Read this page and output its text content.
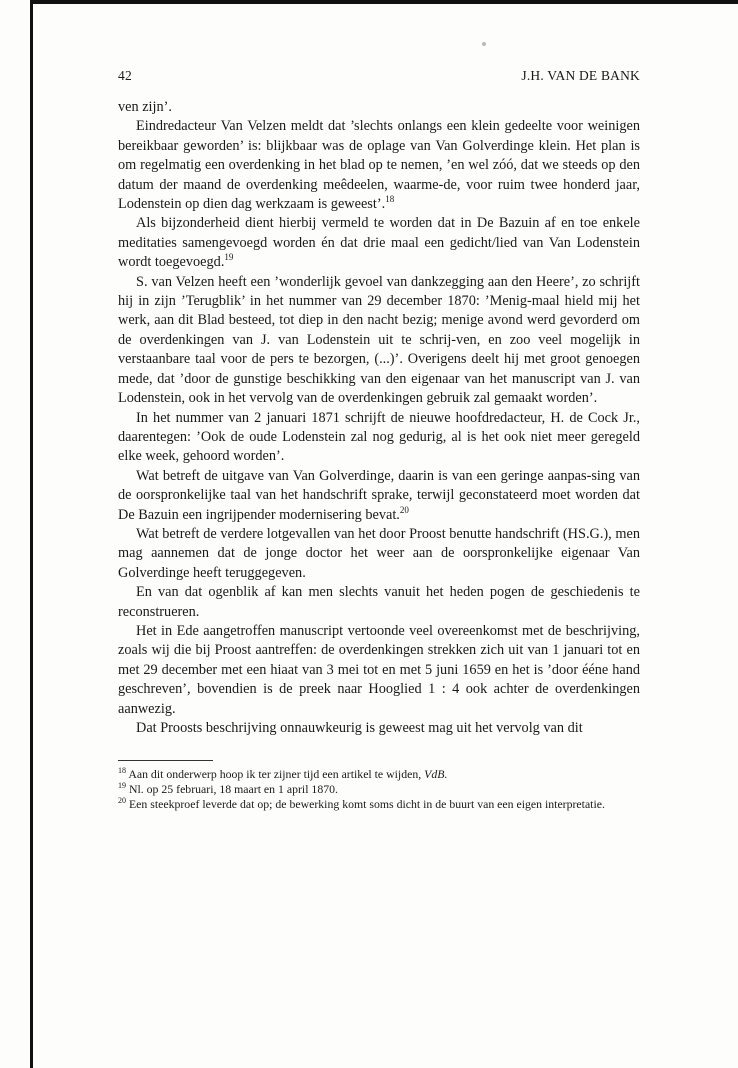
42	J.H. VAN DE BANK

ven zijn’.

Eindredacteur Van Velzen meldt dat ’slechts onlangs een klein gedeelte voor weinigen bereikbaar geworden’ is: blijkbaar was de oplage van Van Golverdinge klein. Het plan is om regelmatig een overdenking in het blad op te nemen, ’en wel zóó, dat we steeds op den datum der maand de overdenking meêdeelen, waarme-de, voor ruim twee honderd jaar, Lodenstein op dien dag werkzaam is geweest’.$^{18}$

Als bijzonderheid dient hierbij vermeld te worden dat in De Bazuin af en toe enkele meditaties samengevoegd worden én dat drie maal een gedicht/lied van Van Lodenstein wordt toegevoegd.$^{19}$

S. van Velzen heeft een ’wonderlijk gevoel van dankzegging aan den Heere’, zo schrijft hij in zijn ’Terugblik’ in het nummer van 29 december 1870: ’Menig-maal hield mij het werk, aan dit Blad besteed, tot diep in den nacht bezig; menige avond werd gevorderd om de overdenkingen van J. van Lodenstein uit te schrij-ven, en zoo veel mogelijk in verstaanbare taal voor de pers te bezorgen, (...)’. Overigens deelt hij met groot genoegen mede, dat ’door de gunstige beschikking van den eigenaar van het manuscript van J. van Lodenstein, ook in het vervolg van de overdenkingen gebruik zal gemaakt worden’.

In het nummer van 2 januari 1871 schrijft de nieuwe hoofdredacteur, H. de Cock Jr., daarentegen: ’Ook de oude Lodenstein zal nog gedurig, al is het ook niet meer geregeld elke week, gehoord worden’.

Wat betreft de uitgave van Van Golverdinge, daarin is van een geringe aanpas-sing van de oorspronkelijke taal van het handschrift sprake, terwijl geconstateerd moet worden dat De Bazuin een ingrijpender modernisering bevat.$^{20}$

Wat betreft de verdere lotgevallen van het door Proost benutte handschrift (HS.G.), men mag aannemen dat de jonge doctor het weer aan de oorspronkelijke eigenaar Van Golverdinge heeft teruggegeven.

En van dat ogenblik af kan men slechts vanuit het heden pogen de geschiedenis te reconstrueren.

Het in Ede aangetroffen manuscript vertoonde veel overeenkomst met de beschrijving, zoals wij die bij Proost aantreffen: de overdenkingen strekken zich uit van 1 januari tot en met 29 december met een hiaat van 3 mei tot en met 5 juni 1659 en het is ’door ééne hand geschreven’, bovendien is de preek naar Hooglied 1 : 4 ook achter de overdenkingen aanwezig.

Dat Proosts beschrijving onnauwkeurig is geweest mag uit het vervolg van dit

$^{18}$ Aan dit onderwerp hoop ik ter zijner tijd een artikel te wijden, VdB.

$^{19}$ Nl. op 25 februari, 18 maart en 1 april 1870.

$^{20}$ Een steekproef leverde dat op; de bewerking komt soms dicht in de buurt van een eigen interpretatie.
